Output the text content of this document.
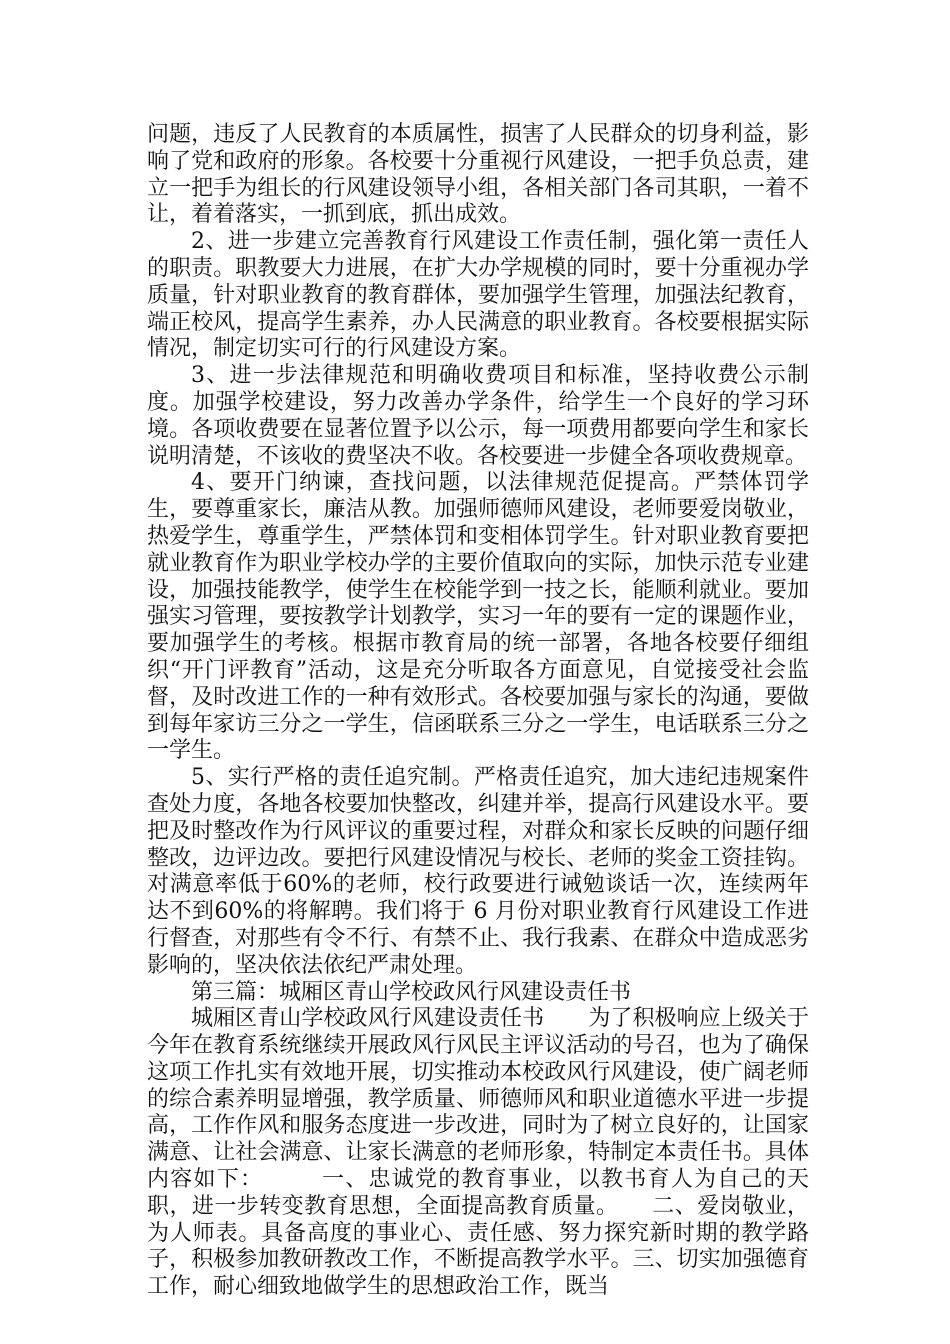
问题，违反了人民教育的本质属性，损害了人民群众的切身利益，影响了党和政府的形象。各校要十分重视行风建设，一把手负总责，建立一把手为组长的行风建设领导小组，各相关部门各司其职，一着不让，着着落实，一抓到底，抓出成效。

2、进一步建立完善教育行风建设工作责任制，强化第一责任人的职责。职教要大力进展，在扩大办学规模的同时，要十分重视办学质量，针对职业教育的教育群体，要加强学生管理，加强法纪教育，端正校风，提高学生素养，办人民满意的职业教育。各校要根据实际情况，制定切实可行的行风建设方案。

3、进一步法律规范和明确收费项目和标准，坚持收费公示制度。加强学校建设，努力改善办学条件，给学生一个良好的学习环境。各项收费要在显著位置予以公示，每一项费用都要向学生和家长说明清楚，不该收的费坚决不收。各校要进一步健全各项收费规章。

4、要开门纳谏，查找问题，以法律规范促提高。严禁体罚学生，要尊重家长，廉洁从教。加强师德师风建设，老师要爱岗敬业，热爱学生，尊重学生，严禁体罚和变相体罚学生。针对职业教育要把就业教育作为职业学校办学的主要价值取向的实际，加快示范专业建设，加强技能教学，使学生在校能学到一技之长，能顺利就业。要加强实习管理，要按教学计划教学，实习一年的要有一定的课题作业，要加强学生的考核。根据市教育局的统一部署，各地各校要仔细组织“开门评教育”活动，这是充分听取各方面意见，自觉接受社会监督，及时改进工作的一种有效形式。各校要加强与家长的沟通，要做到每年家访三分之一学生，信函联系三分之一学生，电话联系三分之一学生。

5、实行严格的责任追究制。严格责任追究，加大违纪违规案件查处力度，各地各校要加快整改，纠建并举，提高行风建设水平。要把及时整改作为行风评议的重要过程，对群众和家长反映的问题仔细整改，边评边改。要把行风建设情况与校长、老师的奖金工资挂钩。对满意率低于60%的老师，校行政要进行诫勉谈话一次，连续两年达不到60%的将解聘。我们将于 6 月份对职业教育行风建设工作进行督查，对那些有令不行、有禁不止、我行我素、在群众中造成恶劣影响的，坚决依法依纪严肃处理。

第三篇：城厢区青山学校政风行风建设责任书

城厢区青山学校政风行风建设责任书　　为了积极响应上级关于今年在教育系统继续开展政风行风民主评议活动的号召，也为了确保这项工作扎实有效地开展，切实推动本校政风行风建设，使广阔老师的综合素养明显增强，教学质量、师德师风和职业道德水平进一步提高，工作作风和服务态度进一步改进，同时为了树立良好的，让国家满意、让社会满意、让家长满意的老师形象，特制定本责任书。具体内容如下：　　　一、忠诚党的教育事业，以教书育人为自己的天职，进一步转变教育思想，全面提高教育质量。　　二、爱岗敬业，为人师表。具备高度的事业心、责任感、努力探究新时期的教学路子，积极参加教研教改工作，不断提高教学水平。三、切实加强德育工作，耐心细致地做学生的思想政治工作，既当
